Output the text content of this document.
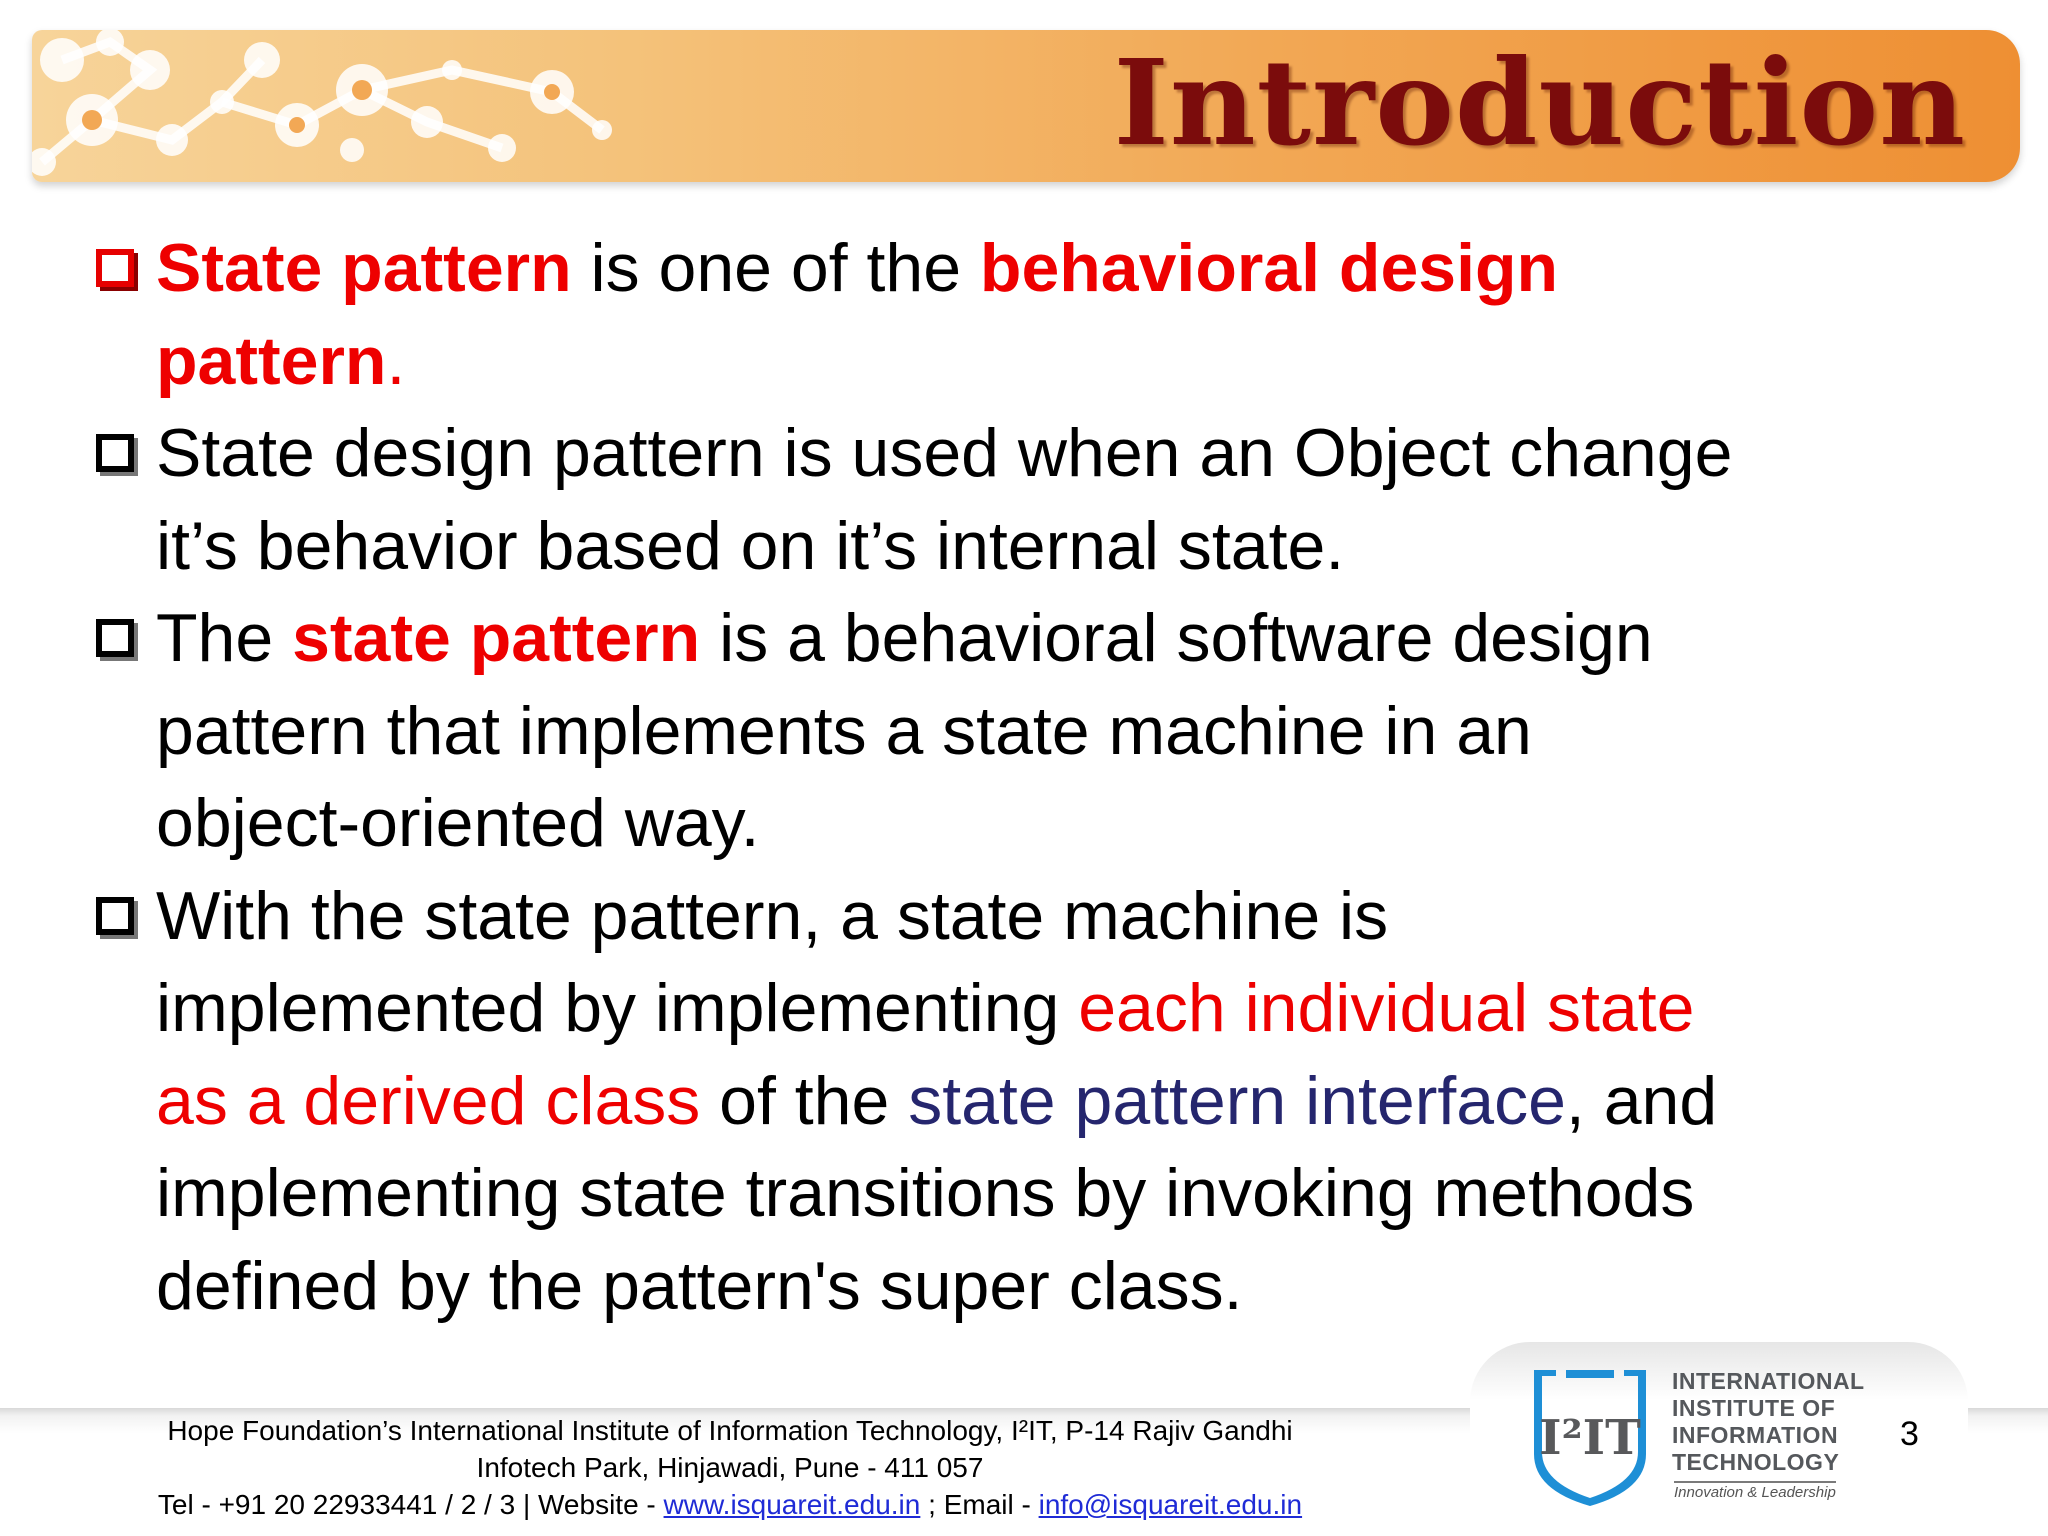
Introduction
State pattern is one of the behavioral design
pattern.
State design pattern is used when an Object change
it’s behavior based on it’s internal state.
The state pattern is a behavioral software design
pattern that implements a state machine in an
object-oriented way.
With the state pattern, a state machine is
implemented by implementing each individual state
as a derived class of the state pattern interface, and
implementing state transitions by invoking methods
defined by the pattern's super class.
Hope Foundation’s International Institute of Information Technology, I²IT, P-14 Rajiv Gandhi
Infotech Park, Hinjawadi, Pune - 411 057
Tel - +91 20 22933441 / 2 / 3 | Website - www.isquareit.edu.in ; Email - info@isquareit.edu.in
I²IT
INTERNATIONAL
INSTITUTE OF
INFORMATION
TECHNOLOGY
Innovation & Leadership
3
